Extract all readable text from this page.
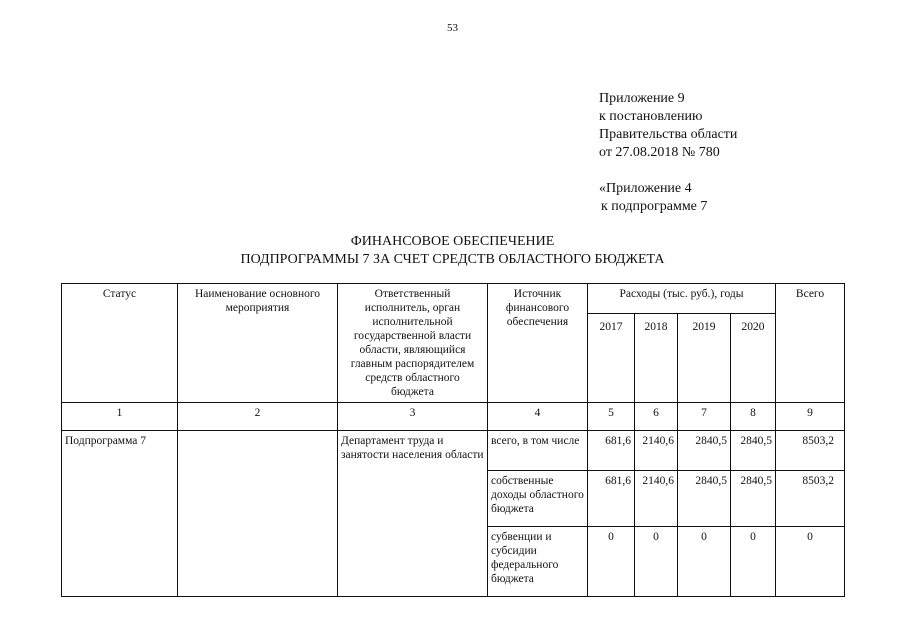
53
Приложение 9
к постановлению
Правительства области
от 27.08.2018 № 780
«Приложение 4
к подпрограмме 7
ФИНАНСОВОЕ ОБЕСПЕЧЕНИЕ
ПОДПРОГРАММЫ 7 ЗА СЧЕТ СРЕДСТВ ОБЛАСТНОГО БЮДЖЕТА
Статус	Наименование основного мероприятия	Ответственный исполнитель, орган исполнительной государственной власти области, являющийся главным распорядителем средств областного бюджета	Источник финансового обеспечения	Расходы (тыс. руб.), годы				Всего
				2017	2018	2019	2020	
1	2	3	4	5	6	7	8	9
Подпрограмма 7		Департамент труда и занятости населения области	всего, в том числе	681,6	2140,6	2840,5	2840,5	8503,2
			собственные доходы областного бюджета	681,6	2140,6	2840,5	2840,5	8503,2
			субвенции и субсидии федерального бюджета	0	0	0	0	0
